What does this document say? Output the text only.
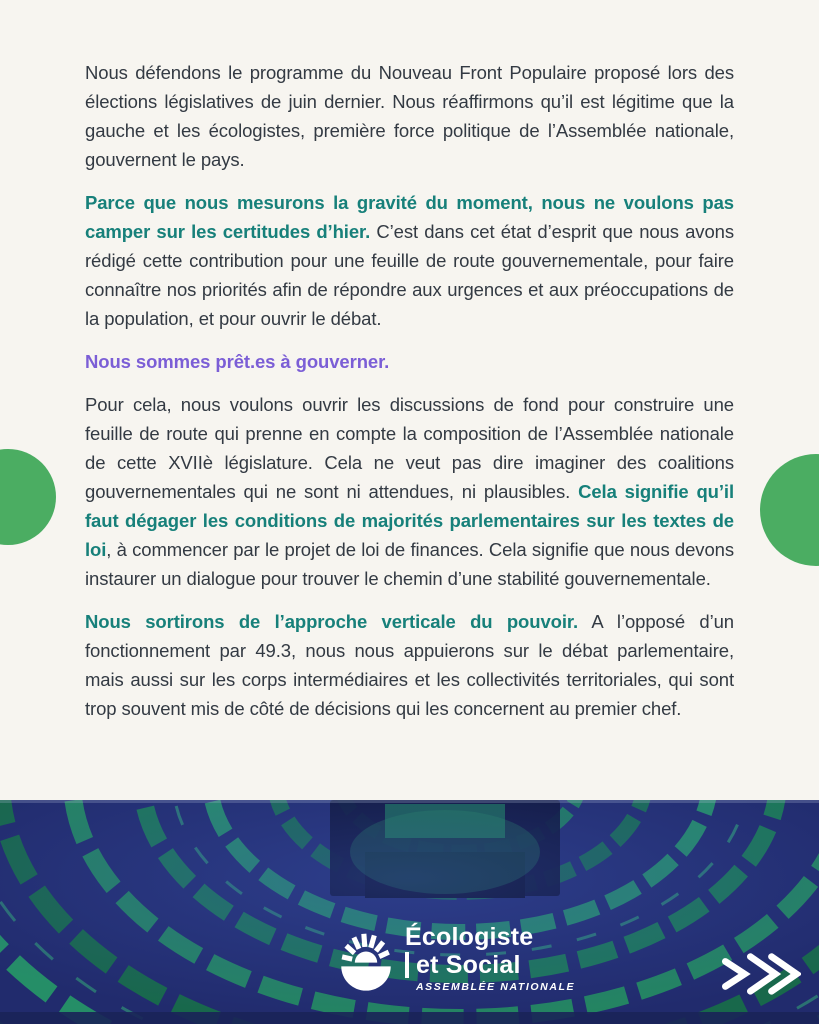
Nous défendons le programme du Nouveau Front Populaire proposé lors des élections législatives de juin dernier. Nous réaffirmons qu’il est légitime que la gauche et les écologistes, première force politique de l’Assemblée nationale, gouvernent le pays.

Parce que nous mesurons la gravité du moment, nous ne voulons pas camper sur les certitudes d’hier. C’est dans cet état d’esprit que nous avons rédigé cette contribution pour une feuille de route gouvernementale, pour faire connaître nos priorités afin de répondre aux urgences et aux préoccupations de la population, et pour ouvrir le débat.

Nous sommes prêt.es à gouverner.

Pour cela, nous voulons ouvrir les discussions de fond pour construire une feuille de route qui prenne en compte la composition de l’Assemblée nationale de cette XVIIè législature. Cela ne veut pas dire imaginer des coalitions gouvernementales qui ne sont ni attendues, ni plausibles. Cela signifie qu’il faut dégager les conditions de majorités parlementaires sur les textes de loi, à commencer par le projet de loi de finances. Cela signifie que nous devons instaurer un dialogue pour trouver le chemin d’une stabilité gouvernementale.

Nous sortirons de l’approche verticale du pouvoir. A l’opposé d’un fonctionnement par 49.3, nous nous appuierons sur le débat parlementaire, mais aussi sur les corps intermédiaires et les collectivités territoriales, qui sont trop souvent mis de côté de décisions qui les concernent au premier chef.

Écologiste
et Social
ASSEMBLÉE NATIONALE
